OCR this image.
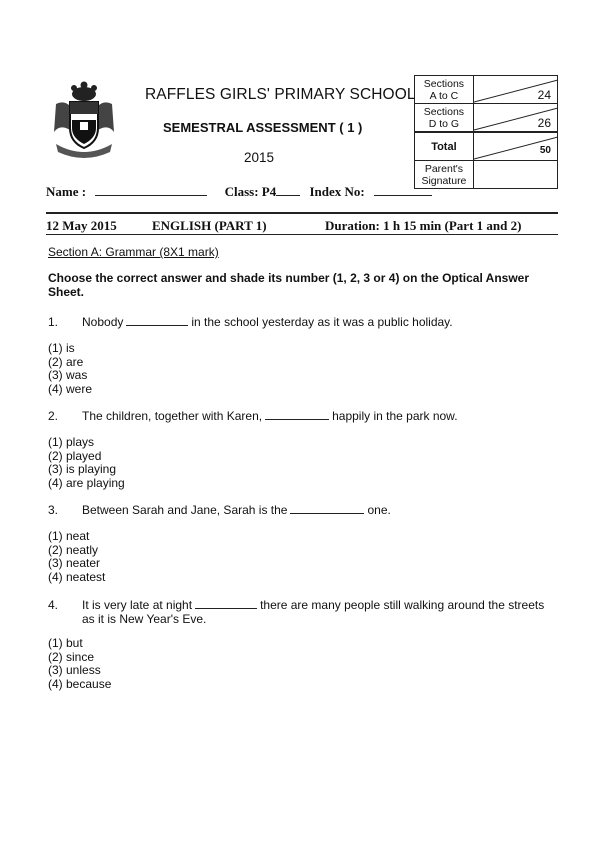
RAFFLES GIRLS' PRIMARY SCHOOL
SEMESTRAL ASSESSMENT ( 1 )
2015
Sections
A to C	24

Sections
D to G	26

Total	50

Parent's
Signature	

Name :	Class: P4	Index No:
12 May 2015	ENGLISH (PART 1)	Duration: 1 h 15 min (Part 1 and 2)
Section A: Grammar (8X1 mark)
Choose the correct answer and shade its number (1, 2, 3 or 4) on the Optical Answer Sheet.
1. Nobody	in the school yesterday as it was a public holiday.
(1) is
(2) are
(3) was
(4) were
2. The children, together with Karen,	happily in the park now.
(1) plays
(2) played
(3) is playing
(4) are playing
3. Between Sarah and Jane, Sarah is the	one.
(1) neat
(2) neatly
(3) neater
(4) neatest
4. It is very late at night	there are many people still walking around the streets
as it is New Year's Eve.
(1) but
(2) since
(3) unless
(4) because
